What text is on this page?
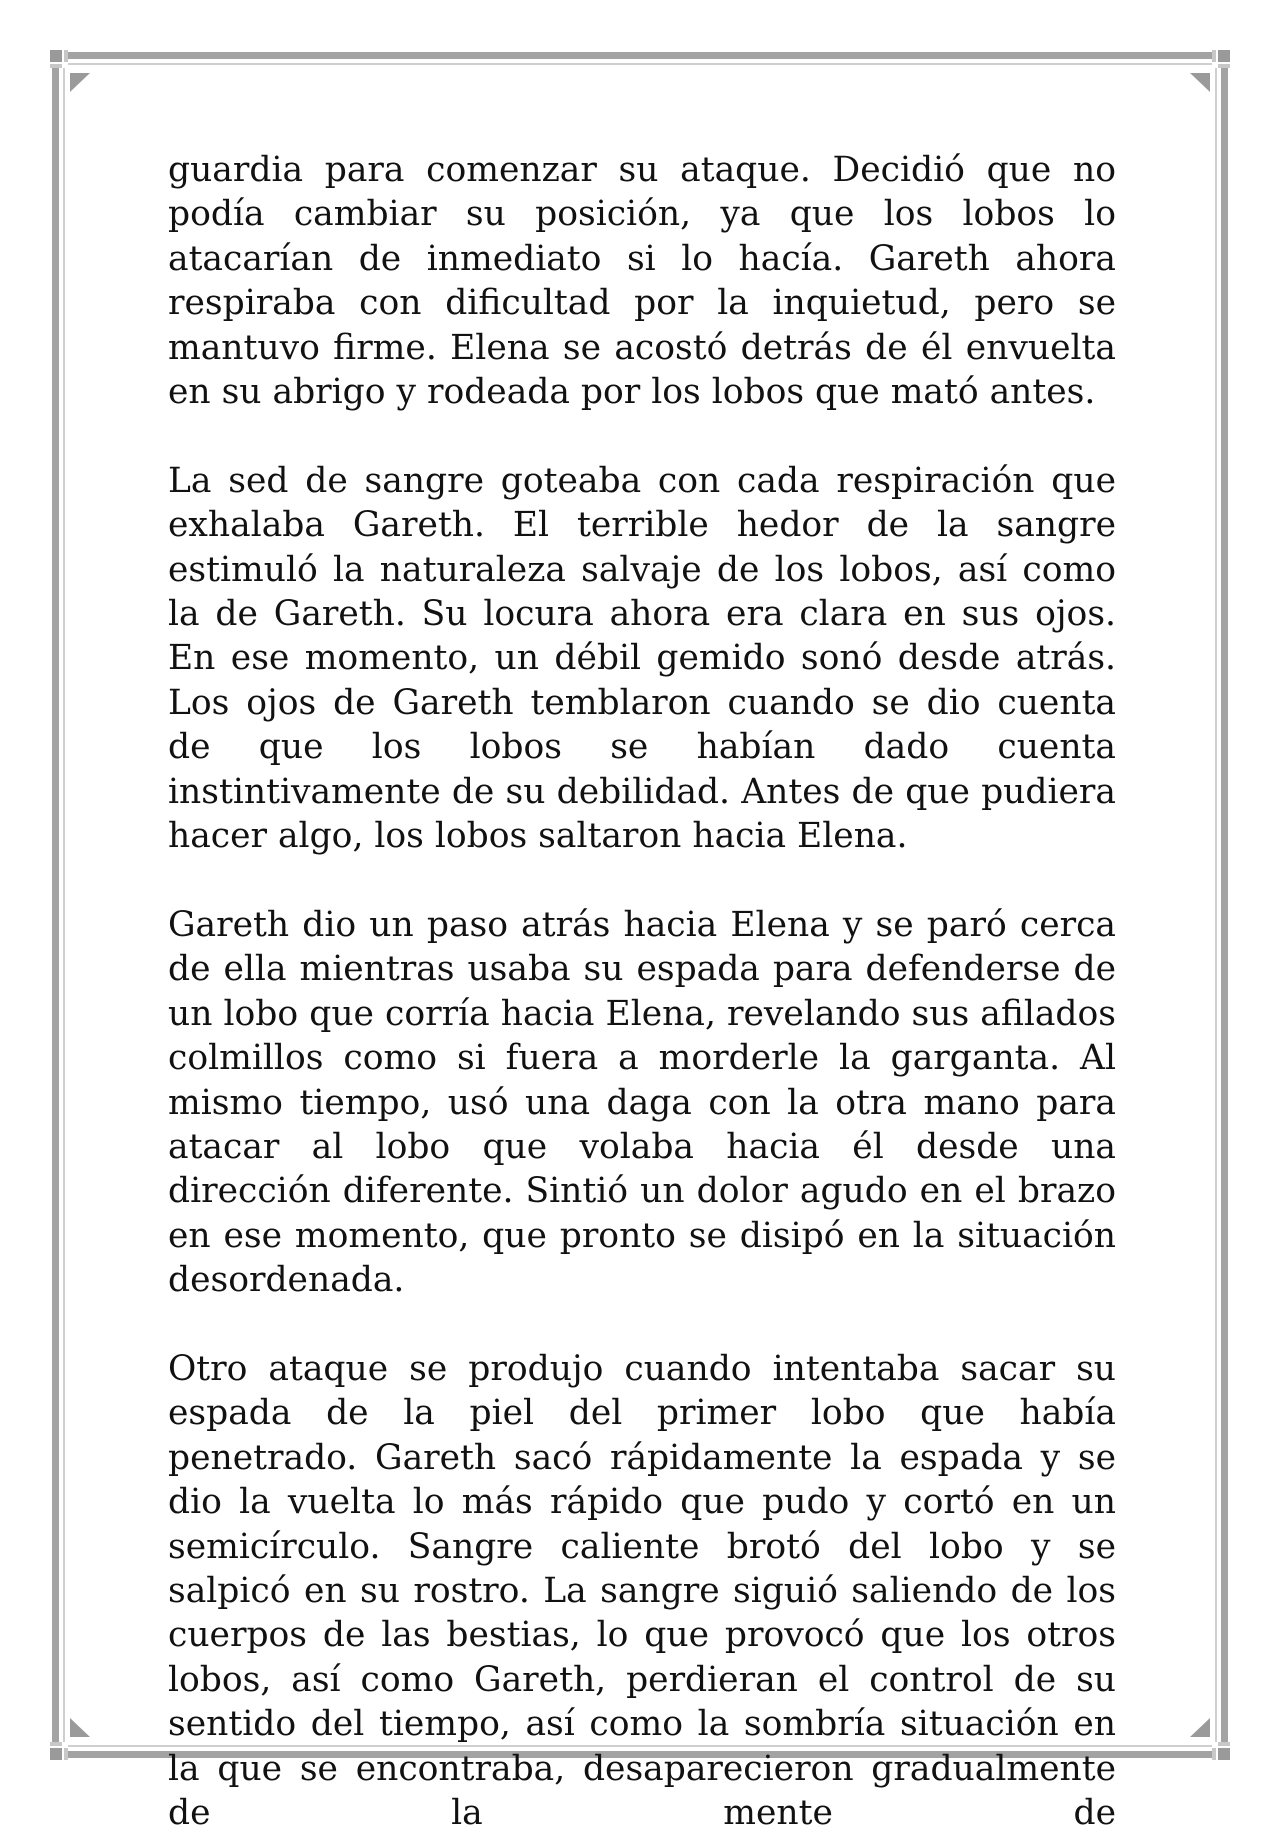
guardia para comenzar su ataque. Decidió que no podía cambiar su posición, ya que los lobos lo atacarían de inmediato si lo hacía. Gareth ahora respiraba con dificultad por la inquietud, pero se mantuvo firme. Elena se acostó detrás de él envuelta en su abrigo y rodeada por los lobos que mató antes.

La sed de sangre goteaba con cada respiración que exhalaba Gareth. El terrible hedor de la sangre estimuló la naturaleza salvaje de los lobos, así como la de Gareth. Su locura ahora era clara en sus ojos. En ese momento, un débil gemido sonó desde atrás. Los ojos de Gareth temblaron cuando se dio cuenta de que los lobos se habían dado cuenta instintivamente de su debilidad. Antes de que pudiera hacer algo, los lobos saltaron hacia Elena.

Gareth dio un paso atrás hacia Elena y se paró cerca de ella mientras usaba su espada para defenderse de un lobo que corría hacia Elena, revelando sus afilados colmillos como si fuera a morderle la garganta. Al mismo tiempo, usó una daga con la otra mano para atacar al lobo que volaba hacia él desde una dirección diferente. Sintió un dolor agudo en el brazo en ese momento, que pronto se disipó en la situación desordenada.

Otro ataque se produjo cuando intentaba sacar su espada de la piel del primer lobo que había penetrado. Gareth sacó rápidamente la espada y se dio la vuelta lo más rápido que pudo y cortó en un semicírculo. Sangre caliente brotó del lobo y se salpicó en su rostro. La sangre siguió saliendo de los cuerpos de las bestias, lo que provocó que los otros lobos, así como Gareth, perdieran el control de su sentido del tiempo, así como la sombría situación en la que se encontraba, desaparecieron gradualmente de la mente de
